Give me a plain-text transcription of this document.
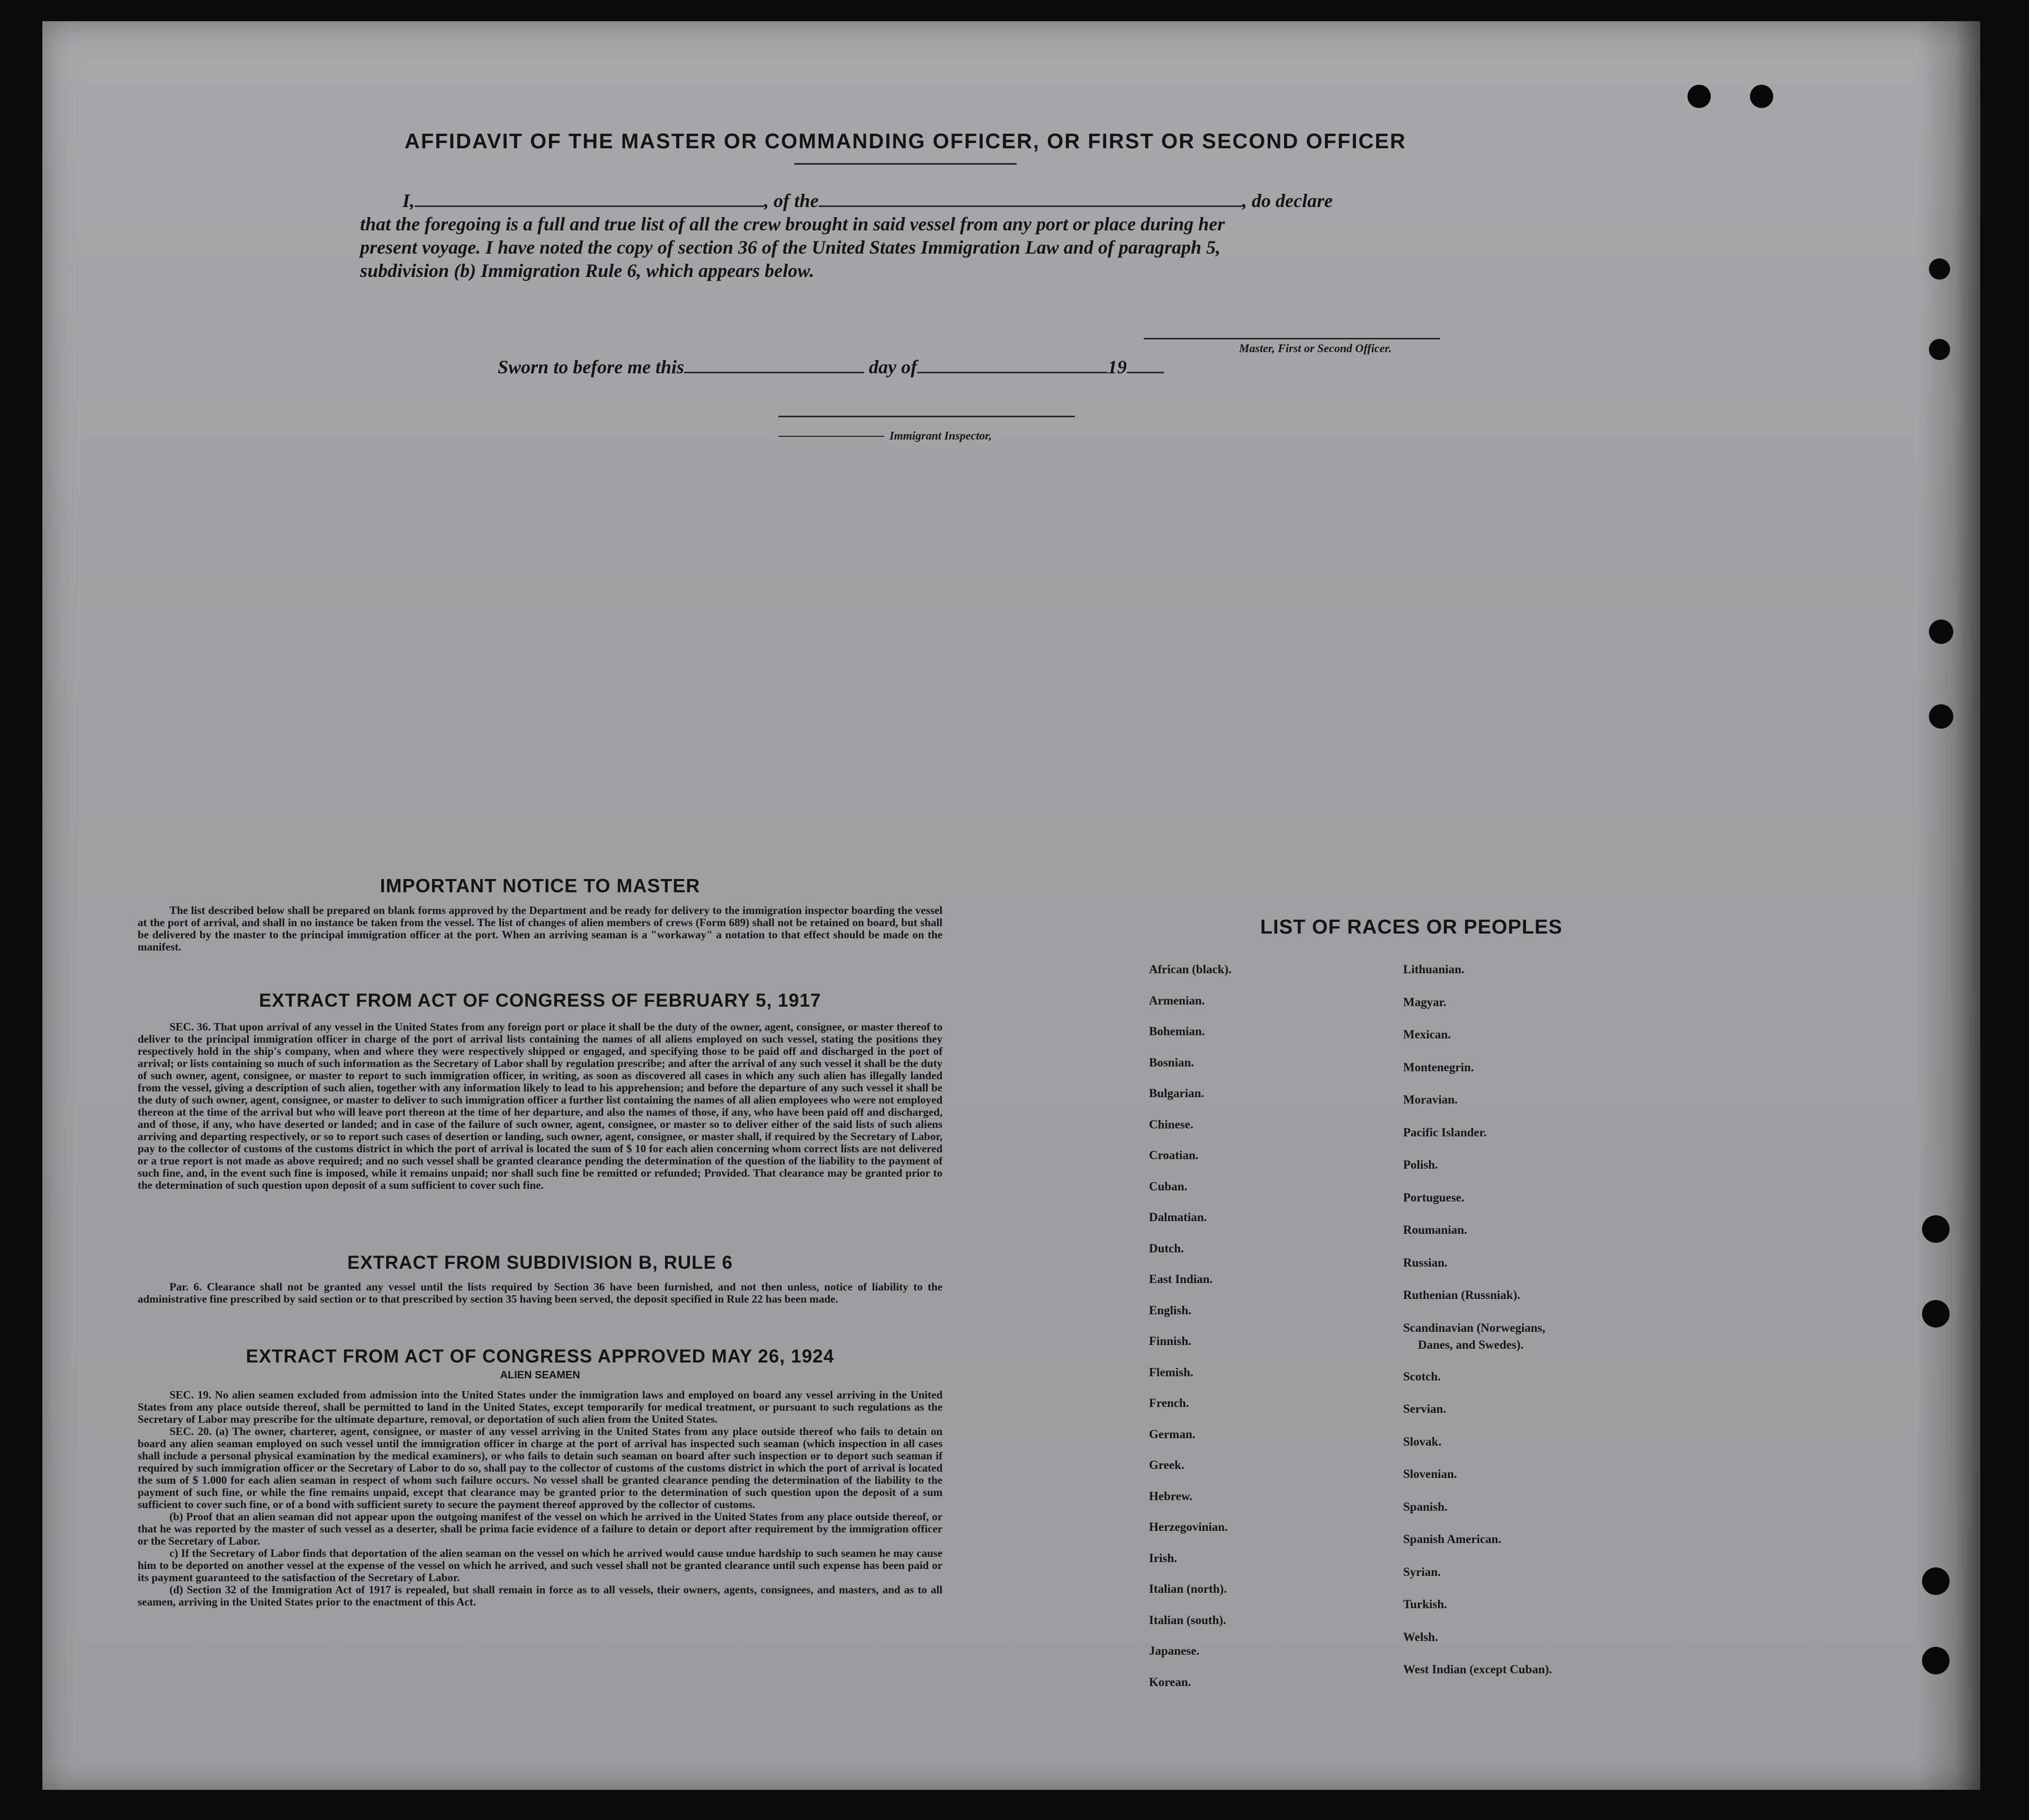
AFFIDAVIT OF THE MASTER OR COMMANDING OFFICER, OR FIRST OR SECOND OFFICER
I,	, of the	, do declare
that the foregoing is a full and true list of all the crew brought in said vessel from any port or place during her
present voyage. I have noted the copy of section 36 of the United States Immigration Law and of paragraph 5,
subdivision (b) Immigration Rule 6, which appears below.
Master, First or Second Officer.
Sworn to before me this	day of	19
Immigrant Inspector,
IMPORTANT NOTICE TO MASTER
The list described below shall be prepared on blank forms approved by the Department and be ready for delivery to the immigration inspector boarding the vessel at the port of arrival, and shall in no instance be taken from the vessel. The list of changes of alien members of crews (Form 689) shall not be retained on board, but shall be delivered by the master to the principal immigration officer at the port. When an arriving seaman is a "workaway" a notation to that effect should be made on the manifest.
EXTRACT FROM ACT OF CONGRESS OF FEBRUARY 5, 1917
SEC. 36. That upon arrival of any vessel in the United States from any foreign port or place it shall be the duty of the owner, agent, consignee, or master thereof to deliver to the principal immigration officer in charge of the port of arrival lists containing the names of all aliens employed on such vessel, stating the positions they respectively hold in the ship's company, when and where they were respectively shipped or engaged, and specifying those to be paid off and discharged in the port of arrival; or lists containing so much of such information as the Secretary of Labor shall by regulation prescribe; and after the arrival of any such vessel it shall be the duty of such owner, agent, consignee, or master to report to such immigration officer, in writing, as soon as discovered all cases in which any such alien has illegally landed from the vessel, giving a description of such alien, together with any information likely to lead to his apprehension; and before the departure of any such vessel it shall be the duty of such owner, agent, consignee, or master to deliver to such immigration officer a further list containing the names of all alien employees who were not employed thereon at the time of the arrival but who will leave port thereon at the time of her departure, and also the names of those, if any, who have been paid off and discharged, and of those, if any, who have deserted or landed; and in case of the failure of such owner, agent, consignee, or master so to deliver either of the said lists of such aliens arriving and departing respectively, or so to report such cases of desertion or landing, such owner, agent, consignee, or master shall, if required by the Secretary of Labor, pay to the collector of customs of the customs district in which the port of arrival is located the sum of $ 10 for each alien concerning whom correct lists are not delivered or a true report is not made as above required; and no such vessel shall be granted clearance pending the determination of the question of the liability to the payment of such fine, and, in the event such fine is imposed, while it remains unpaid; nor shall such fine be remitted or refunded; Provided. That clearance may be granted prior to the determination of such question upon deposit of a sum sufficient to cover such fine.
EXTRACT FROM SUBDIVISION B, RULE 6
Par. 6. Clearance shall not be granted any vessel until the lists required by Section 36 have been furnished, and not then unless, notice of liability to the administrative fine prescribed by said section or to that prescribed by section 35 having been served, the deposit specified in Rule 22 has been made.
EXTRACT FROM ACT OF CONGRESS APPROVED MAY 26, 1924
ALIEN SEAMEN
SEC. 19. No alien seamen excluded from admission into the United States under the immigration laws and employed on board any vessel arriving in the United States from any place outside thereof, shall be permitted to land in the United States, except temporarily for medical treatment, or pursuant to such regulations as the Secretary of Labor may prescribe for the ultimate departure, removal, or deportation of such alien from the United States.
SEC. 20. (a) The owner, charterer, agent, consignee, or master of any vessel arriving in the United States from any place outside thereof who fails to detain on board any alien seaman employed on such vessel until the immigration officer in charge at the port of arrival has inspected such seaman (which inspection in all cases shall include a personal physical examination by the medical examiners), or who fails to detain such seaman on board after such inspection or to deport such seaman if required by such immigration officer or the Secretary of Labor to do so, shall pay to the collector of customs of the customs district in which the port of arrival is located the sum of $ 1.000 for each alien seaman in respect of whom such failure occurs. No vessel shall be granted clearance pending the determination of the liability to the payment of such fine, or while the fine remains unpaid, except that clearance may be granted prior to the determination of such question upon the deposit of a sum sufficient to cover such fine, or of a bond with sufficient surety to secure the payment thereof approved by the collector of customs.
(b) Proof that an alien seaman did not appear upon the outgoing manifest of the vessel on which he arrived in the United States from any place outside thereof, or that he was reported by the master of such vessel as a deserter, shall be prima facie evidence of a failure to detain or deport after requirement by the immigration officer or the Secretary of Labor.
c) If the Secretary of Labor finds that deportation of the alien seaman on the vessel on which he arrived would cause undue hardship to such seamen he may cause him to be deported on another vessel at the expense of the vessel on which he arrived, and such vessel shall not be granted clearance until such expense has been paid or its payment guaranteed to the satisfaction of the Secretary of Labor.
(d) Section 32 of the Immigration Act of 1917 is repealed, but shall remain in force as to all vessels, their owners, agents, consignees, and masters, and as to all seamen, arriving in the United States prior to the enactment of this Act.
LIST OF RACES OR PEOPLES
African (black).
Armenian.
Bohemian.
Bosnian.
Bulgarian.
Chinese.
Croatian.
Cuban.
Dalmatian.
Dutch.
East Indian.
English.
Finnish.
Flemish.
French.
German.
Greek.
Hebrew.
Herzegovinian.
Irish.
Italian (north).
Italian (south).
Japanese.
Korean.
Lithuanian.
Magyar.
Mexican.
Montenegrin.
Moravian.
Pacific Islander.
Polish.
Portuguese.
Roumanian.
Russian.
Ruthenian (Russniak).
Scandinavian (Norwegians,
Danes, and Swedes).
Scotch.
Servian.
Slovak.
Slovenian.
Spanish.
Spanish American.
Syrian.
Turkish.
Welsh.
West Indian (except Cuban).
